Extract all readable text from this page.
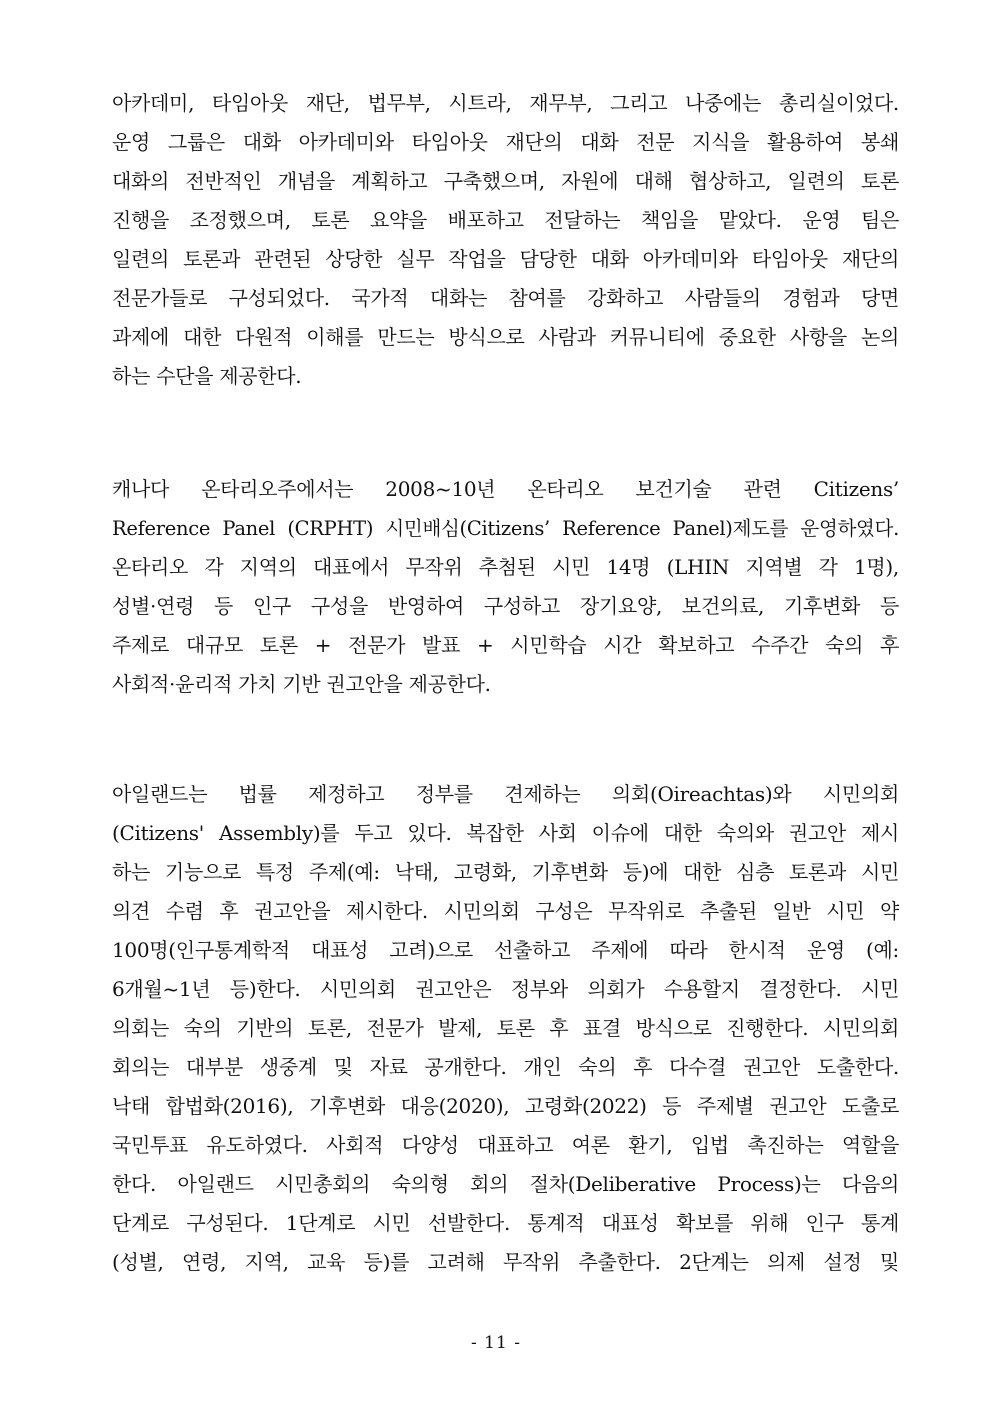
아카데미, 타임아웃 재단, 법무부, 시트라, 재무부, 그리고 나중에는 총리실이었다.
운영 그룹은 대화 아카데미와 타임아웃 재단의 대화 전문 지식을 활용하여 봉쇄
대화의 전반적인 개념을 계획하고 구축했으며, 자원에 대해 협상하고, 일련의 토론
진행을 조정했으며, 토론 요약을 배포하고 전달하는 책임을 맡았다. 운영 팀은
일련의 토론과 관련된 상당한 실무 작업을 담당한 대화 아카데미와 타임아웃 재단의
전문가들로 구성되었다. 국가적 대화는 참여를 강화하고 사람들의 경험과 당면
과제에 대한 다원적 이해를 만드는 방식으로 사람과 커뮤니티에 중요한 사항을 논의
하는 수단을 제공한다.
캐나다 온타리오주에서는 2008~10년 온타리오 보건기술 관련 Citizens’
Reference Panel (CRPHT) 시민배심(Citizens’ Reference Panel)제도를 운영하였다.
온타리오 각 지역의 대표에서 무작위 추첨된 시민 14명 (LHIN 지역별 각 1명),
성별·연령 등 인구 구성을 반영하여 구성하고 장기요양, 보건의료, 기후변화 등
주제로 대규모 토론 + 전문가 발표 + 시민학습 시간 확보하고 수주간 숙의 후
사회적·윤리적 가치 기반 권고안을 제공한다.
아일랜드는 법률 제정하고 정부를 견제하는 의회(Oireachtas)와 시민의회
(Citizens' Assembly)를 두고 있다. 복잡한 사회 이슈에 대한 숙의와 권고안 제시
하는 기능으로 특정 주제(예: 낙태, 고령화, 기후변화 등)에 대한 심층 토론과 시민
의견 수렴 후 권고안을 제시한다. 시민의회 구성은 무작위로 추출된 일반 시민 약
100명(인구통계학적 대표성 고려)으로 선출하고 주제에 따라 한시적 운영 (예:
6개월~1년 등)한다. 시민의회 권고안은 정부와 의회가 수용할지 결정한다. 시민
의회는 숙의 기반의 토론, 전문가 발제, 토론 후 표결 방식으로 진행한다. 시민의회
회의는 대부분 생중계 및 자료 공개한다. 개인 숙의 후 다수결 권고안 도출한다.
낙태 합법화(2016), 기후변화 대응(2020), 고령화(2022) 등 주제별 권고안 도출로
국민투표 유도하였다. 사회적 다양성 대표하고 여론 환기, 입법 촉진하는 역할을
한다. 아일랜드 시민총회의 숙의형 회의 절차(Deliberative Process)는 다음의
단계로 구성된다. 1단계로 시민 선발한다. 통계적 대표성 확보를 위해 인구 통계
(성별, 연령, 지역, 교육 등)를 고려해 무작위 추출한다. 2단계는 의제 설정 및
- 11 -
